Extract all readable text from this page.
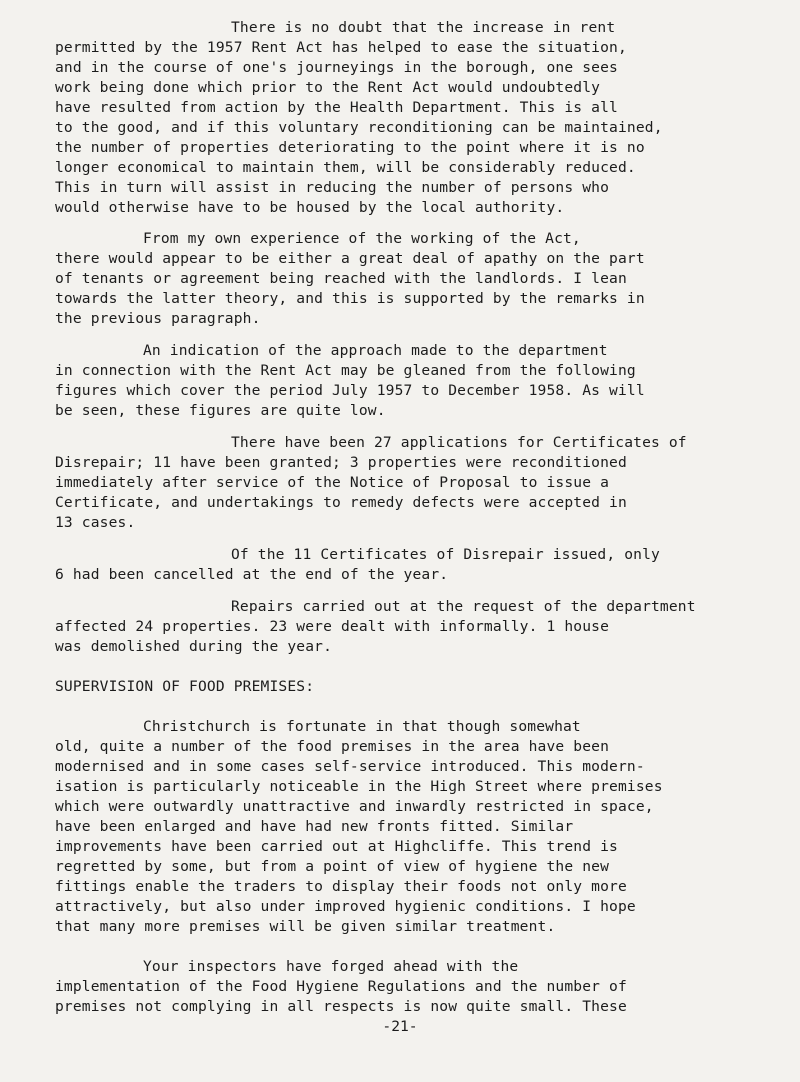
There is no doubt that the increase in rent
permitted by the 1957 Rent Act has helped to ease the situation,
and in the course of one's journeyings in the borough, one sees
work being done which prior to the Rent Act would undoubtedly
have resulted from action by the Health Department. This is all
to the good, and if this voluntary reconditioning can be maintained,
the number of properties deteriorating to the point where it is no
longer economical to maintain them, will be considerably reduced.
This in turn will assist in reducing the number of persons who
would otherwise have to be housed by the local authority.
From my own experience of the working of the Act,
there would appear to be either a great deal of apathy on the part
of tenants or agreement being reached with the landlords. I lean
towards the latter theory, and this is supported by the remarks in
the previous paragraph.
An indication of the approach made to the department
in connection with the Rent Act may be gleaned from the following
figures which cover the period July 1957 to December 1958. As will
be seen, these figures are quite low.
There have been 27 applications for Certificates of
Disrepair; 11 have been granted; 3 properties were reconditioned
immediately after service of the Notice of Proposal to issue a
Certificate, and undertakings to remedy defects were accepted in
13 cases.
Of the 11 Certificates of Disrepair issued, only
6 had been cancelled at the end of the year.
Repairs carried out at the request of the department
affected 24 properties. 23 were dealt with informally. 1 house
was demolished during the year.
SUPERVISION OF FOOD PREMISES:
Christchurch is fortunate in that though somewhat
old, quite a number of the food premises in the area have been
modernised and in some cases self-service introduced. This modern-
isation is particularly noticeable in the High Street where premises
which were outwardly unattractive and inwardly restricted in space,
have been enlarged and have had new fronts fitted. Similar
improvements have been carried out at Highcliffe. This trend is
regretted by some, but from a point of view of hygiene the new
fittings enable the traders to display their foods not only more
attractively, but also under improved hygienic conditions. I hope
that many more premises will be given similar treatment.
Your inspectors have forged ahead with the
implementation of the Food Hygiene Regulations and the number of
premises not complying in all respects is now quite small. These
-21-
